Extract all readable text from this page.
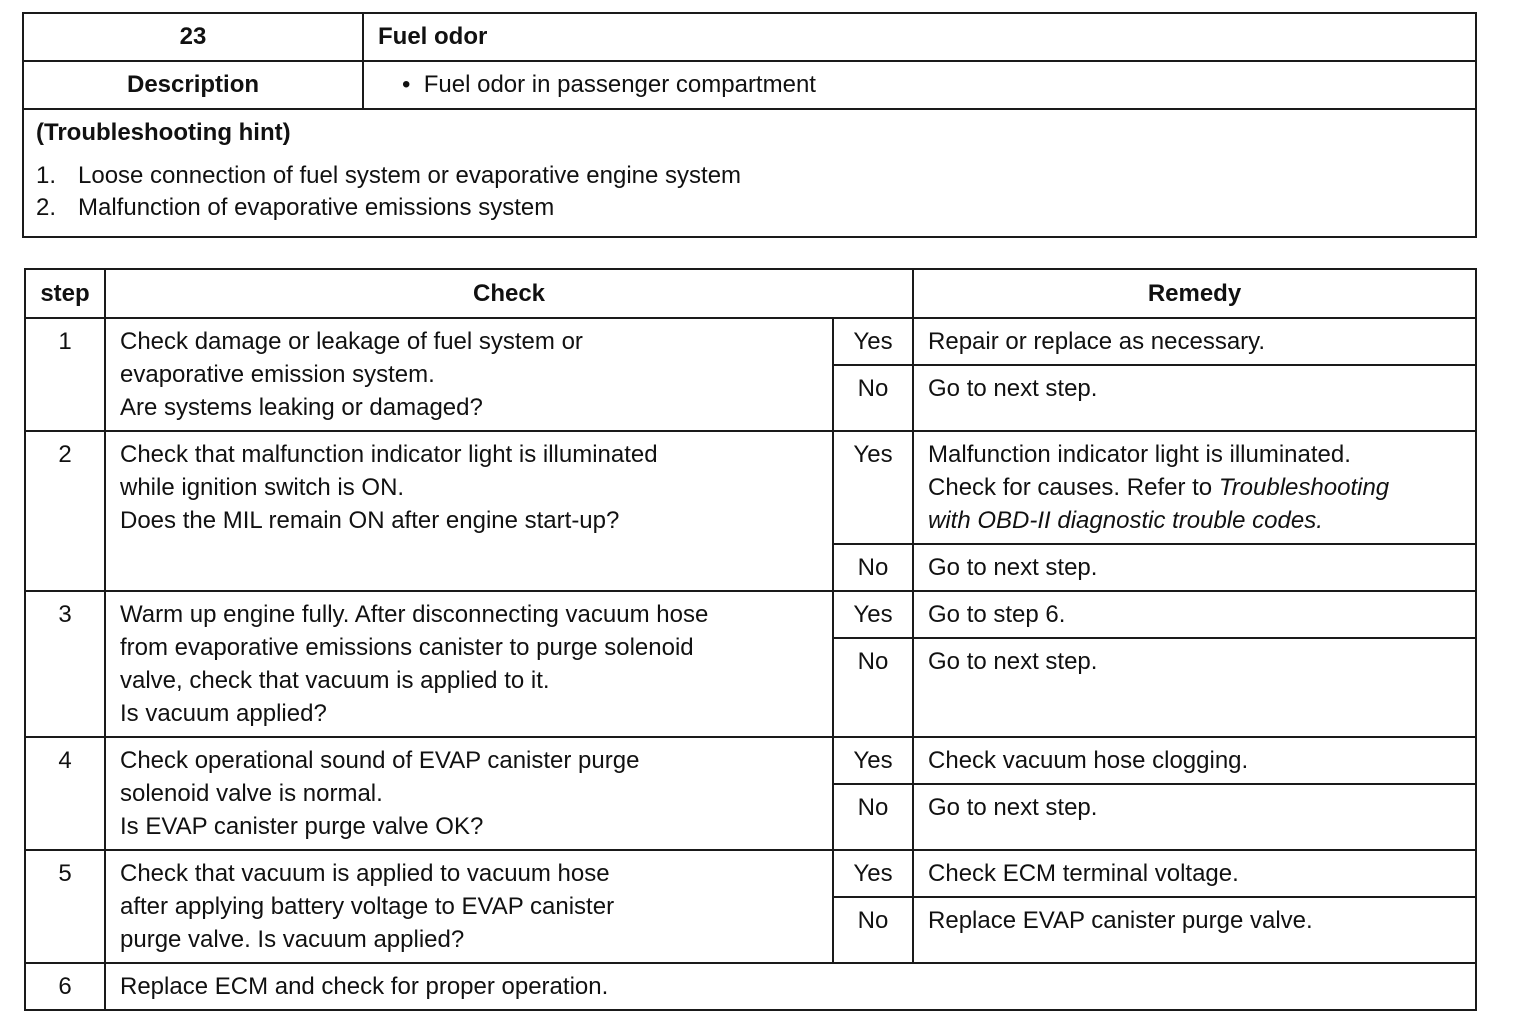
23	Fuel odor
Description	• Fuel odor in passenger compartment

(Troubleshooting hint)
1. Loose connection of fuel system or evaporative engine system
2. Malfunction of evaporative emissions system	
step	Check		Remedy
1	Check damage or leakage of fuel system or
evaporative emission system.
Are systems leaking or damaged?	Yes	Repair or replace as necessary.
		No	Go to next step.
2	Check that malfunction indicator light is illuminated
while ignition switch is ON.
Does the MIL remain ON after engine start-up?	Yes	Malfunction indicator light is illuminated.
Check for causes. Refer to Troubleshooting
with OBD-II diagnostic trouble codes.

		No	Go to next step.
3	Warm up engine fully. After disconnecting vacuum hose
from evaporative emissions canister to purge solenoid
valve, check that vacuum is applied to it.
Is vacuum applied?	Yes	Go to step 6.
		No	Go to next step.
4	Check operational sound of EVAP canister purge
solenoid valve is normal.
Is EVAP canister purge valve OK?	Yes	Check vacuum hose clogging.
		No	Go to next step.
5	Check that vacuum is applied to vacuum hose
after applying battery voltage to EVAP canister
purge valve. Is vacuum applied?	Yes	Check ECM terminal voltage.
		No	Replace EVAP canister purge valve.
6	Replace ECM and check for proper operation.		
